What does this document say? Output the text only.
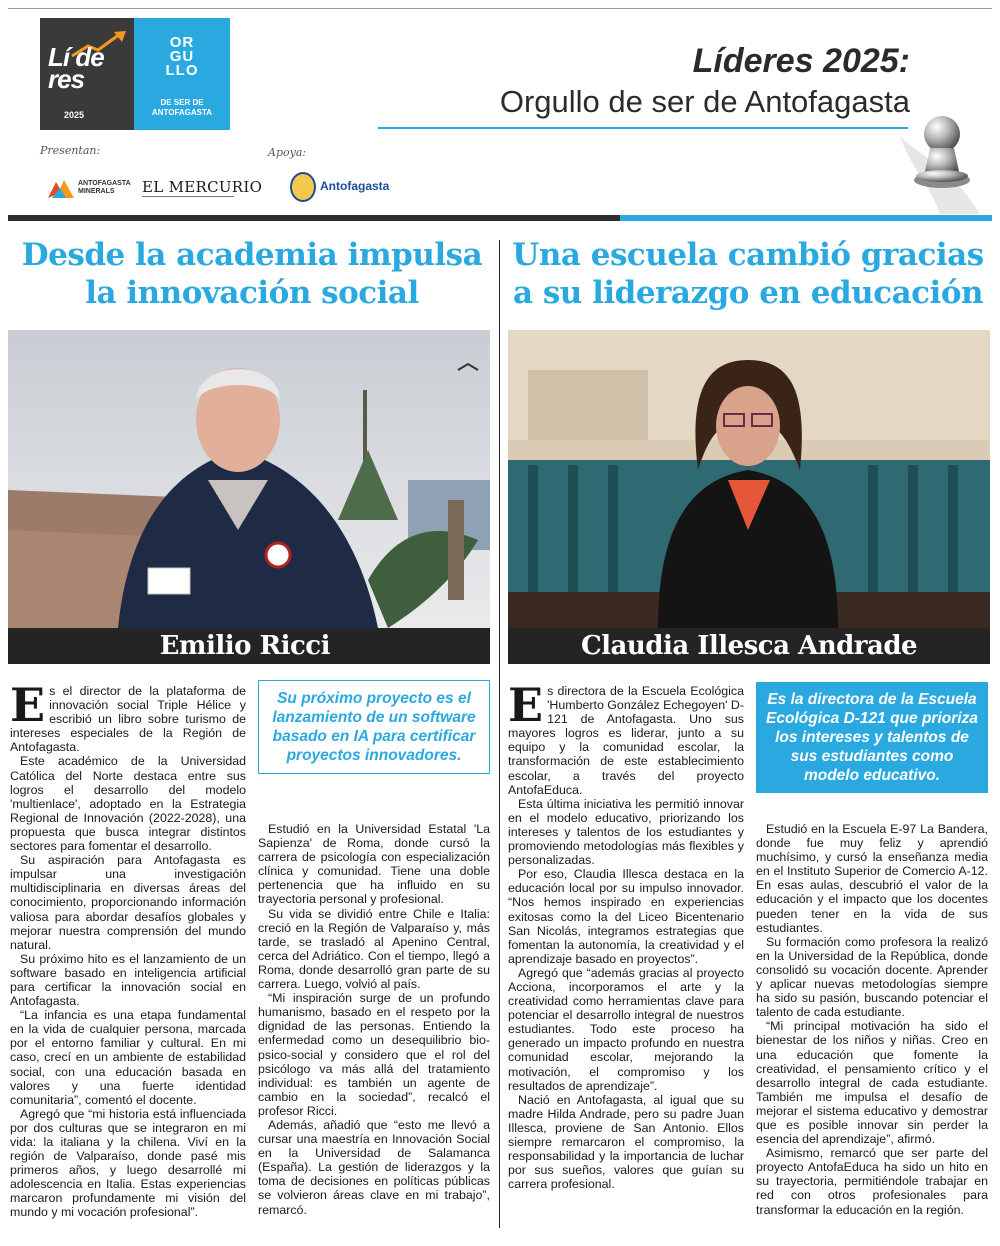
Lí de res
2025
OR
GU
LLO
DE SER DE ANTOFAGASTA
Presentan:	Apoya:
ANTOFAGASTA MINERALS	EL MERCURIO	Antofagasta
Líderes 2025:
Orgullo de ser de Antofagasta
Desde la academia impulsa
la innovación social
Emilio Ricci

Es el director de la plataforma de innovación social Triple Hélice y escribió un libro sobre turismo de intereses especiales de la Región de Antofagasta.

Este académico de la Universidad Católica del Norte destaca entre sus logros el desarrollo del modelo 'multienlace', adoptado en la Estrategia Regional de Innovación (2022-2028), una propuesta que busca integrar distintos sectores para fomentar el desarrollo.

Su aspiración para Antofagasta es impulsar una investigación multidisciplinaria en diversas áreas del conocimiento, proporcionando información valiosa para abordar desafíos globales y mejorar nuestra comprensión del mundo natural.

Su próximo hito es el lanzamiento de un software basado en inteligencia artificial para certificar la innovación social en Antofagasta.

“La infancia es una etapa fundamental en la vida de cualquier persona, marcada por el entorno familiar y cultural. En mi caso, crecí en un ambiente de estabilidad social, con una educación basada en valores y una fuerte identidad comunitaria”, comentó el docente.

Agregó que “mi historia está influenciada por dos culturas que se integraron en mi vida: la italiana y la chilena. Viví en la región de Valparaíso, donde pasé mis primeros años, y luego desarrollé mi adolescencia en Italia. Estas experiencias marcaron profundamente mi visión del mundo y mi vocación profesional”.

Su próximo proyecto es el lanzamiento de un software basado en IA para certificar proyectos innovadores.

Estudió en la Universidad Estatal 'La Sapienza' de Roma, donde cursó la carrera de psicología con especialización clínica y comunidad. Tiene una doble pertenencia que ha influido en su trayectoria personal y profesional.

Su vida se dividió entre Chile e Italia: creció en la Región de Valparaíso y, más tarde, se trasladó al Apenino Central, cerca del Adriático. Con el tiempo, llegó a Roma, donde desarrolló gran parte de su carrera. Luego, volvió al país.

“Mi inspiración surge de un profundo humanismo, basado en el respeto por la dignidad de las personas. Entiendo la enfermedad como un desequilibrio bio-psico-social y considero que el rol del psicólogo va más allá del tratamiento individual: es también un agente de cambio en la sociedad”, recalcó el profesor Ricci.

Además, añadió que “esto me llevó a cursar una maestría en Innovación Social en la Universidad de Salamanca (España). La gestión de liderazgos y la toma de decisiones en políticas públicas se volvieron áreas clave en mi trabajo”, remarcó.

Una escuela cambió gracias
a su liderazgo en educación
Claudia Illesca Andrade

Es directora de la Escuela Ecológica 'Humberto González Echegoyen' D-121 de Antofagasta. Uno sus mayores logros es liderar, junto a su equipo y la comunidad escolar, la transformación de este establecimiento escolar, a través del proyecto AntofaEduca.

Esta última iniciativa les permitió innovar en el modelo educativo, priorizando los intereses y talentos de los estudiantes y promoviendo metodologías más flexibles y personalizadas.

Por eso, Claudia Illesca destaca en la educación local por su impulso innovador. “Nos hemos inspirado en experiencias exitosas como la del Liceo Bicentenario San Nicolás, integramos estrategias que fomentan la autonomía, la creatividad y el aprendizaje basado en proyectos”.

Agregó que “además gracias al proyecto Acciona, incorporamos el arte y la creatividad como herramientas clave para potenciar el desarrollo integral de nuestros estudiantes. Todo este proceso ha generado un impacto profundo en nuestra comunidad escolar, mejorando la motivación, el compromiso y los resultados de aprendizaje”.

Nació en Antofagasta, al igual que su madre Hilda Andrade, pero su padre Juan Illesca, proviene de San Antonio. Ellos siempre remarcaron el compromiso, la responsabilidad y la importancia de luchar por sus sueños, valores que guían su carrera profesional.

Es la directora de la Escuela Ecológica D-121 que prioriza los intereses y talentos de sus estudiantes como modelo educativo.

Estudió en la Escuela E-97 La Bandera, donde fue muy feliz y aprendió muchísimo, y cursó la enseñanza media en el Instituto Superior de Comercio A-12. En esas aulas, descubrió el valor de la educación y el impacto que los docentes pueden tener en la vida de sus estudiantes.

Su formación como profesora la realizó en la Universidad de la República, donde consolidó su vocación docente. Aprender y aplicar nuevas metodologías siempre ha sido su pasión, buscando potenciar el talento de cada estudiante.

“Mi principal motivación ha sido el bienestar de los niños y niñas. Creo en una educación que fomente la creatividad, el pensamiento crítico y el desarrollo integral de cada estudiante. También me impulsa el desafío de mejorar el sistema educativo y demostrar que es posible innovar sin perder la esencia del aprendizaje”, afirmó.

Asimismo, remarcó que ser parte del proyecto AntofaEduca ha sido un hito en su trayectoria, permitiéndole trabajar en red con otros profesionales para transformar la educación en la región.
